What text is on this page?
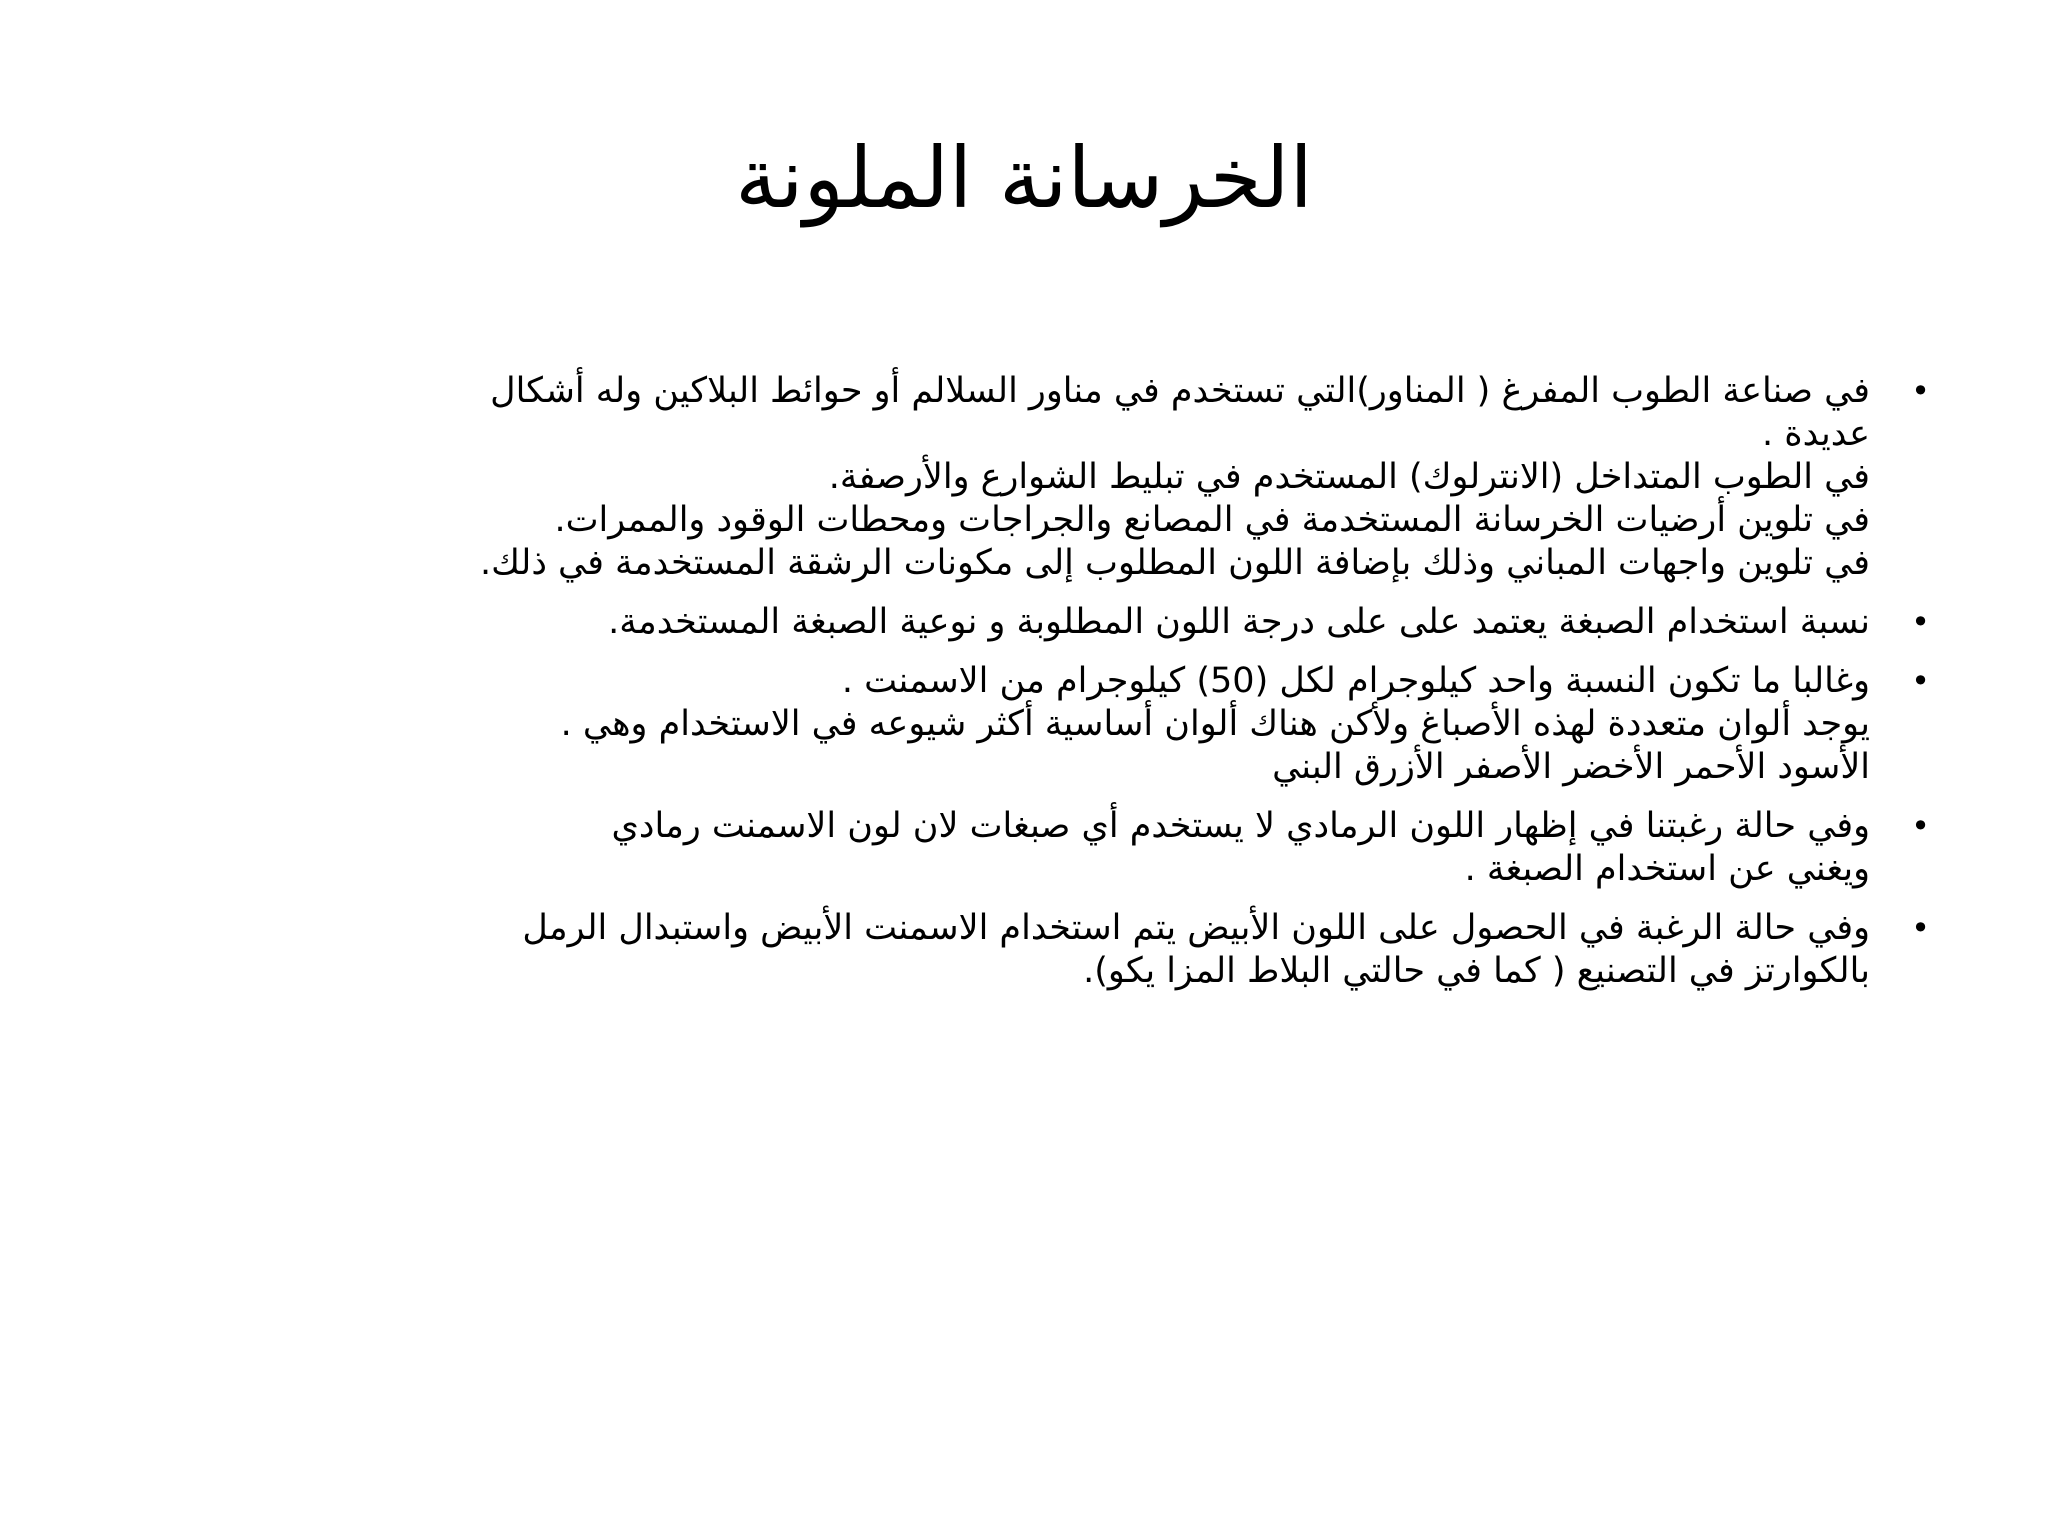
الخرسانة الملونة
•
في صناعة الطوب المفرغ ( المناور)التي تستخدم في مناور السلالم أو حوائط البلاكين وله أشكال
عديدة .
في الطوب المتداخل (الانترلوك) المستخدم في تبليط الشوارع والأرصفة.
في تلوين أرضيات الخرسانة المستخدمة في المصانع والجراجات ومحطات الوقود والممرات.
في تلوين واجهات المباني وذلك بإضافة اللون المطلوب إلى مكونات الرشقة المستخدمة في ذلك.
•
نسبة استخدام الصبغة يعتمد على على درجة اللون المطلوبة و نوعية الصبغة المستخدمة.
•
وغالبا ما تكون النسبة واحد كيلوجرام لكل (50) كيلوجرام من الاسمنت .
يوجد ألوان متعددة لهذه الأصباغ ولأكن هناك ألوان أساسية أكثر شيوعه في الاستخدام وهي .
الأسود الأحمر الأخضر الأصفر الأزرق البني
•
وفي حالة رغبتنا في إظهار اللون الرمادي لا يستخدم أي صبغات لان لون الاسمنت رمادي
ويغني عن استخدام الصبغة .
•
وفي حالة الرغبة في الحصول على اللون الأبيض يتم استخدام الاسمنت الأبيض واستبدال الرمل
بالكوارتز في التصنيع ( كما في حالتي البلاط المزا يكو).
